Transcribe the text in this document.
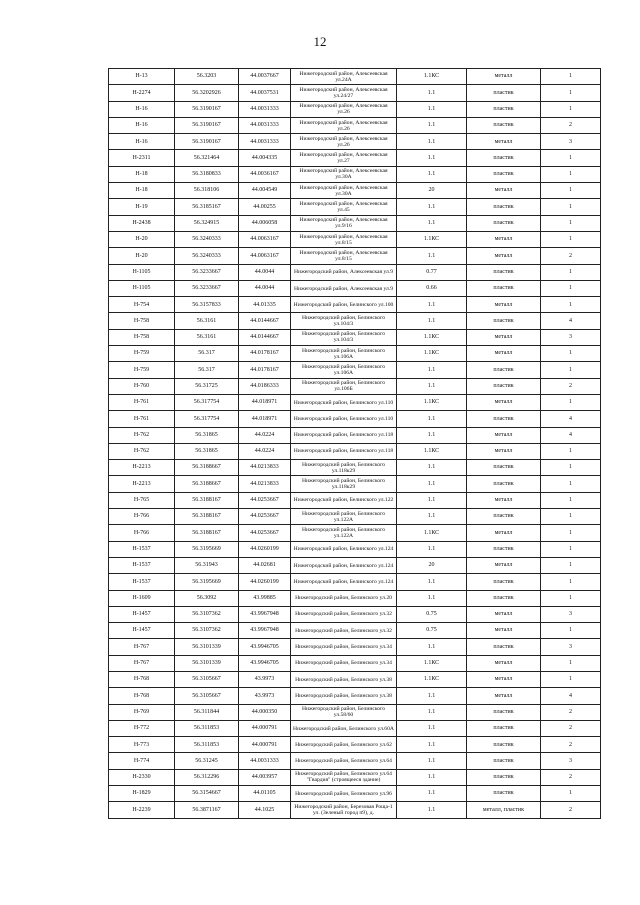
12
Н-13	56.3203	44.0037667	Нижегородский район, Алексеевская ул.24А	1.1КС	металл	1
Н-2274	56.3202926	44.0037531	Нижегородский район, Алексеевская ул.24/27	1.1	пластик	1
Н-16	56.3190167	44.0031333	Нижегородский район, Алексеевская ул.26	1.1	пластик	1
Н-16	56.3190167	44.0031333	Нижегородский район, Алексеевская ул.26	1.1	пластик	2
Н-16	56.3190167	44.0031333	Нижегородский район, Алексеевская ул.26	1.1	металл	3
Н-2311	56.321464	44.004335	Нижегородский район, Алексеевская ул.27	1.1	пластик	1
Н-18	56.3180833	44.0036167	Нижегородский район, Алексеевская ул.30А	1.1	пластик	1
Н-18	56.318106	44.004549	Нижегородский район, Алексеевская ул.30А	20	металл	1
Н-19	56.3185167	44.00255	Нижегородский район, Алексеевская ул.45	1.1	пластик	1
Н-2438	56.324915	44.006058	Нижегородский район, Алексеевская ул.9/16	1.1	пластик	1
Н-20	56.3240333	44.0063167	Нижегородский район, Алексеевская ул.8/15	1.1КС	металл	1
Н-20	56.3240333	44.0063167	Нижегородский район, Алексеевская ул.8/15	1.1	металл	2
Н-1105	56.3233667	44.0044	Нижегородский район, Алексеевская ул.9	0.77	пластик	1
Н-1105	56.3233667	44.0044	Нижегородский район, Алексеевская ул.9	0.66	пластик	1
Н-754	56.3157833	44.01335	Нижегородский район, Белинского ул.100	1.1	металл	1
Н-758	56.3161	44.0144667	Нижегородский район, Белинского ул.104/3	1.1	пластик	4
Н-758	56.3161	44.0144667	Нижегородский район, Белинского ул.104/3	1.1КС	металл	3
Н-759	56.317	44.0178167	Нижегородский район, Белинского ул.106А	1.1КС	металл	1
Н-759	56.317	44.0178167	Нижегородский район, Белинского ул.106А	1.1	пластик	1
Н-760	56.31725	44.0186333	Нижегородский район, Белинского ул.106Б	1.1	пластик	2
Н-761	56.317754	44.018971	Нижегородский район, Белинского ул.110	1.1КС	металл	1
Н-761	56.317754	44.018971	Нижегородский район, Белинского ул.110	1.1	пластик	4
Н-762	56.31865	44.0224	Нижегородский район, Белинского ул.118	1.1	металл	4
Н-762	56.31865	44.0224	Нижегородский район, Белинского ул.118	1.1КС	металл	1
Н-2213	56.3188667	44.0213833	Нижегородский район, Белинского ул.118к29	1.1	пластик	1
Н-2213	56.3188667	44.0213833	Нижегородский район, Белинского ул.118к29	1.1	пластик	1
Н-765	56.3188167	44.0253667	Нижегородский район, Белинского ул.122	1.1	металл	1
Н-766	56.3188167	44.0253667	Нижегородский район, Белинского ул.122А	1.1	пластик	1
Н-766	56.3188167	44.0253667	Нижегородский район, Белинского ул.122А	1.1КС	металл	1
Н-1537	56.3195669	44.0260199	Нижегородский район, Белинского ул.124	1.1	пластик	1
Н-1537	56.31943	44.02681	Нижегородский район, Белинского ул.124	20	металл	1
Н-1537	56.3195669	44.0260199	Нижегородский район, Белинского ул.124	1.1	пластик	1
Н-1609	56.3092	43.99885	Нижегородский район, Белинского ул.20	1.1	пластик	1
Н-1457	56.3107362	43.9967948	Нижегородский район, Белинского ул.32	0.75	металл	3
Н-1457	56.3107362	43.9967948	Нижегородский район, Белинского ул.32	0.75	металл	1
Н-767	56.3101339	43.9946705	Нижегородский район, Белинского ул.34	1.1	пластик	3
Н-767	56.3101339	43.9946705	Нижегородский район, Белинского ул.34	1.1КС	металл	1
Н-768	56.3105667	43.9973	Нижегородский район, Белинского ул.38	1.1КС	металл	1
Н-768	56.3105667	43.9973	Нижегородский район, Белинского ул.38	1.1	металл	4
Н-769	56.311844	44.000350	Нижегородский район, Белинского ул.58/60	1.1	пластик	2
Н-772	56.311853	44.000791	Нижегородский район, Белинского ул.60А	1.1	пластик	2
Н-773	56.311853	44.000791	Нижегородский район, Белинского ул.62	1.1	пластик	2
Н-774	56.31245	44.0031333	Нижегородский район, Белинского ул.64	1.1	пластик	3
Н-2330	56.312296	44.003957	Нижегородский район, Белинского ул.64 "Гвардия" (строящееся здание)	1.1	пластик	2
Н-1829	56.3154667	44.01105	Нижегородский район, Белинского ул.96	1.1	пластик	1
Н-2239	56.3871167	44.1025	Нижегородский район, Березовая Роща-1 ул. (Зеленый город п9), д.	1.1	металл, пластик	2
